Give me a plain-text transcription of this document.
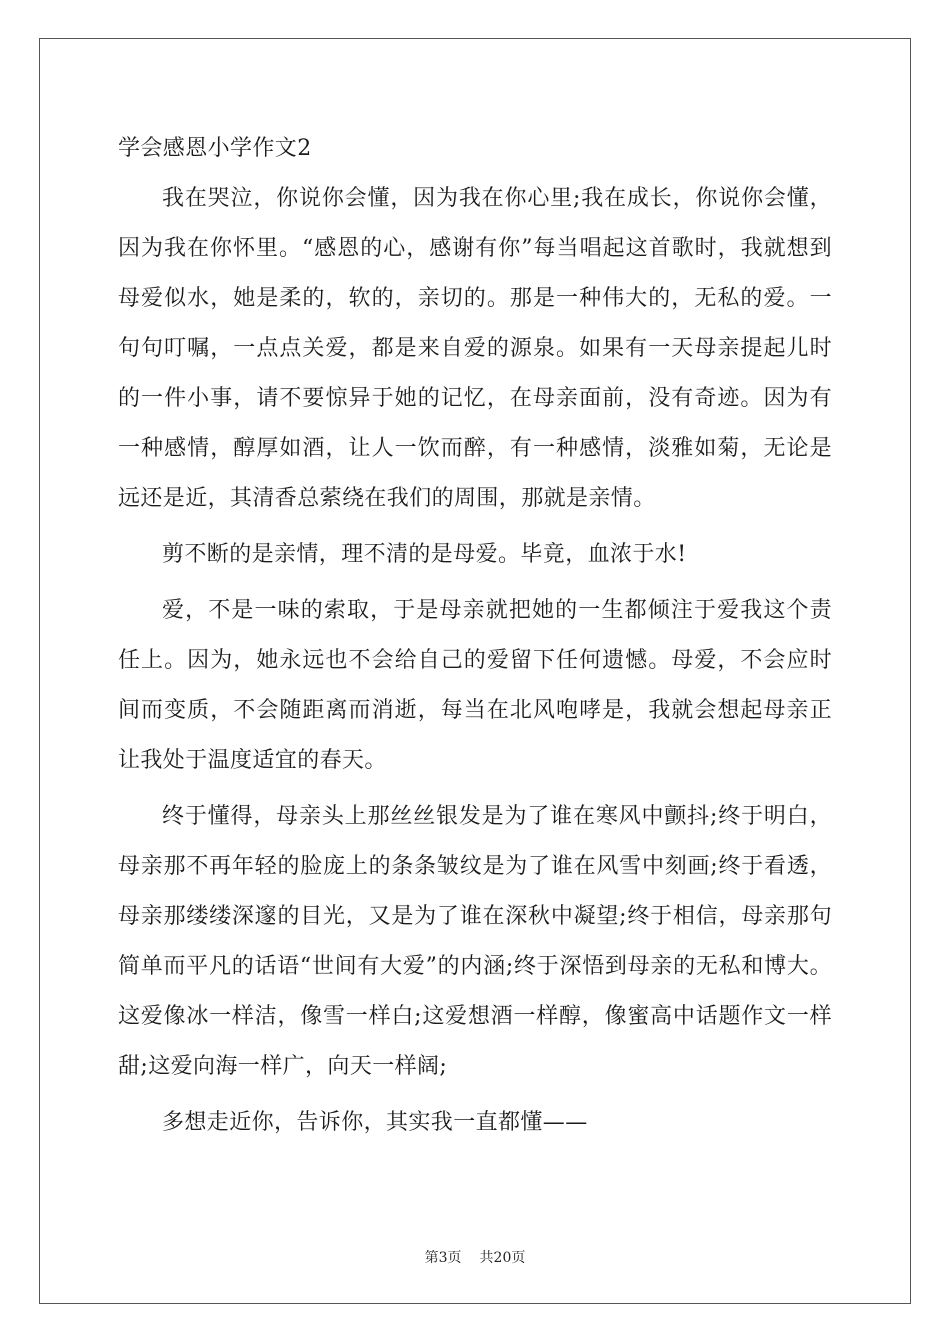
学会感恩小学作文2

我在哭泣，你说你会懂，因为我在你心里;我在成长，你说你会懂，因为我在你怀里。“感恩的心，感谢有你”每当唱起这首歌时，我就想到母爱似水，她是柔的，软的，亲切的。那是一种伟大的，无私的爱。一句句叮嘱，一点点关爱，都是来自爱的源泉。如果有一天母亲提起儿时的一件小事，请不要惊异于她的记忆，在母亲面前，没有奇迹。因为有一种感情，醇厚如酒，让人一饮而醉，有一种感情，淡雅如菊，无论是远还是近，其清香总萦绕在我们的周围，那就是亲情。

剪不断的是亲情，理不清的是母爱。毕竟，血浓于水!

爱，不是一味的索取，于是母亲就把她的一生都倾注于爱我这个责任上。因为，她永远也不会给自己的爱留下任何遗憾。母爱，不会应时间而变质，不会随距离而消逝，每当在北风咆哮是，我就会想起母亲正让我处于温度适宜的春天。

终于懂得，母亲头上那丝丝银发是为了谁在寒风中颤抖;终于明白，母亲那不再年轻的脸庞上的条条皱纹是为了谁在风雪中刻画;终于看透，母亲那缕缕深邃的目光，又是为了谁在深秋中凝望;终于相信，母亲那句简单而平凡的话语“世间有大爱”的内涵;终于深悟到母亲的无私和博大。这爱像冰一样洁，像雪一样白;这爱想酒一样醇，像蜜高中话题作文一样甜;这爱向海一样广，向天一样阔;

多想走近你，告诉你，其实我一直都懂——

第3页 共20页
